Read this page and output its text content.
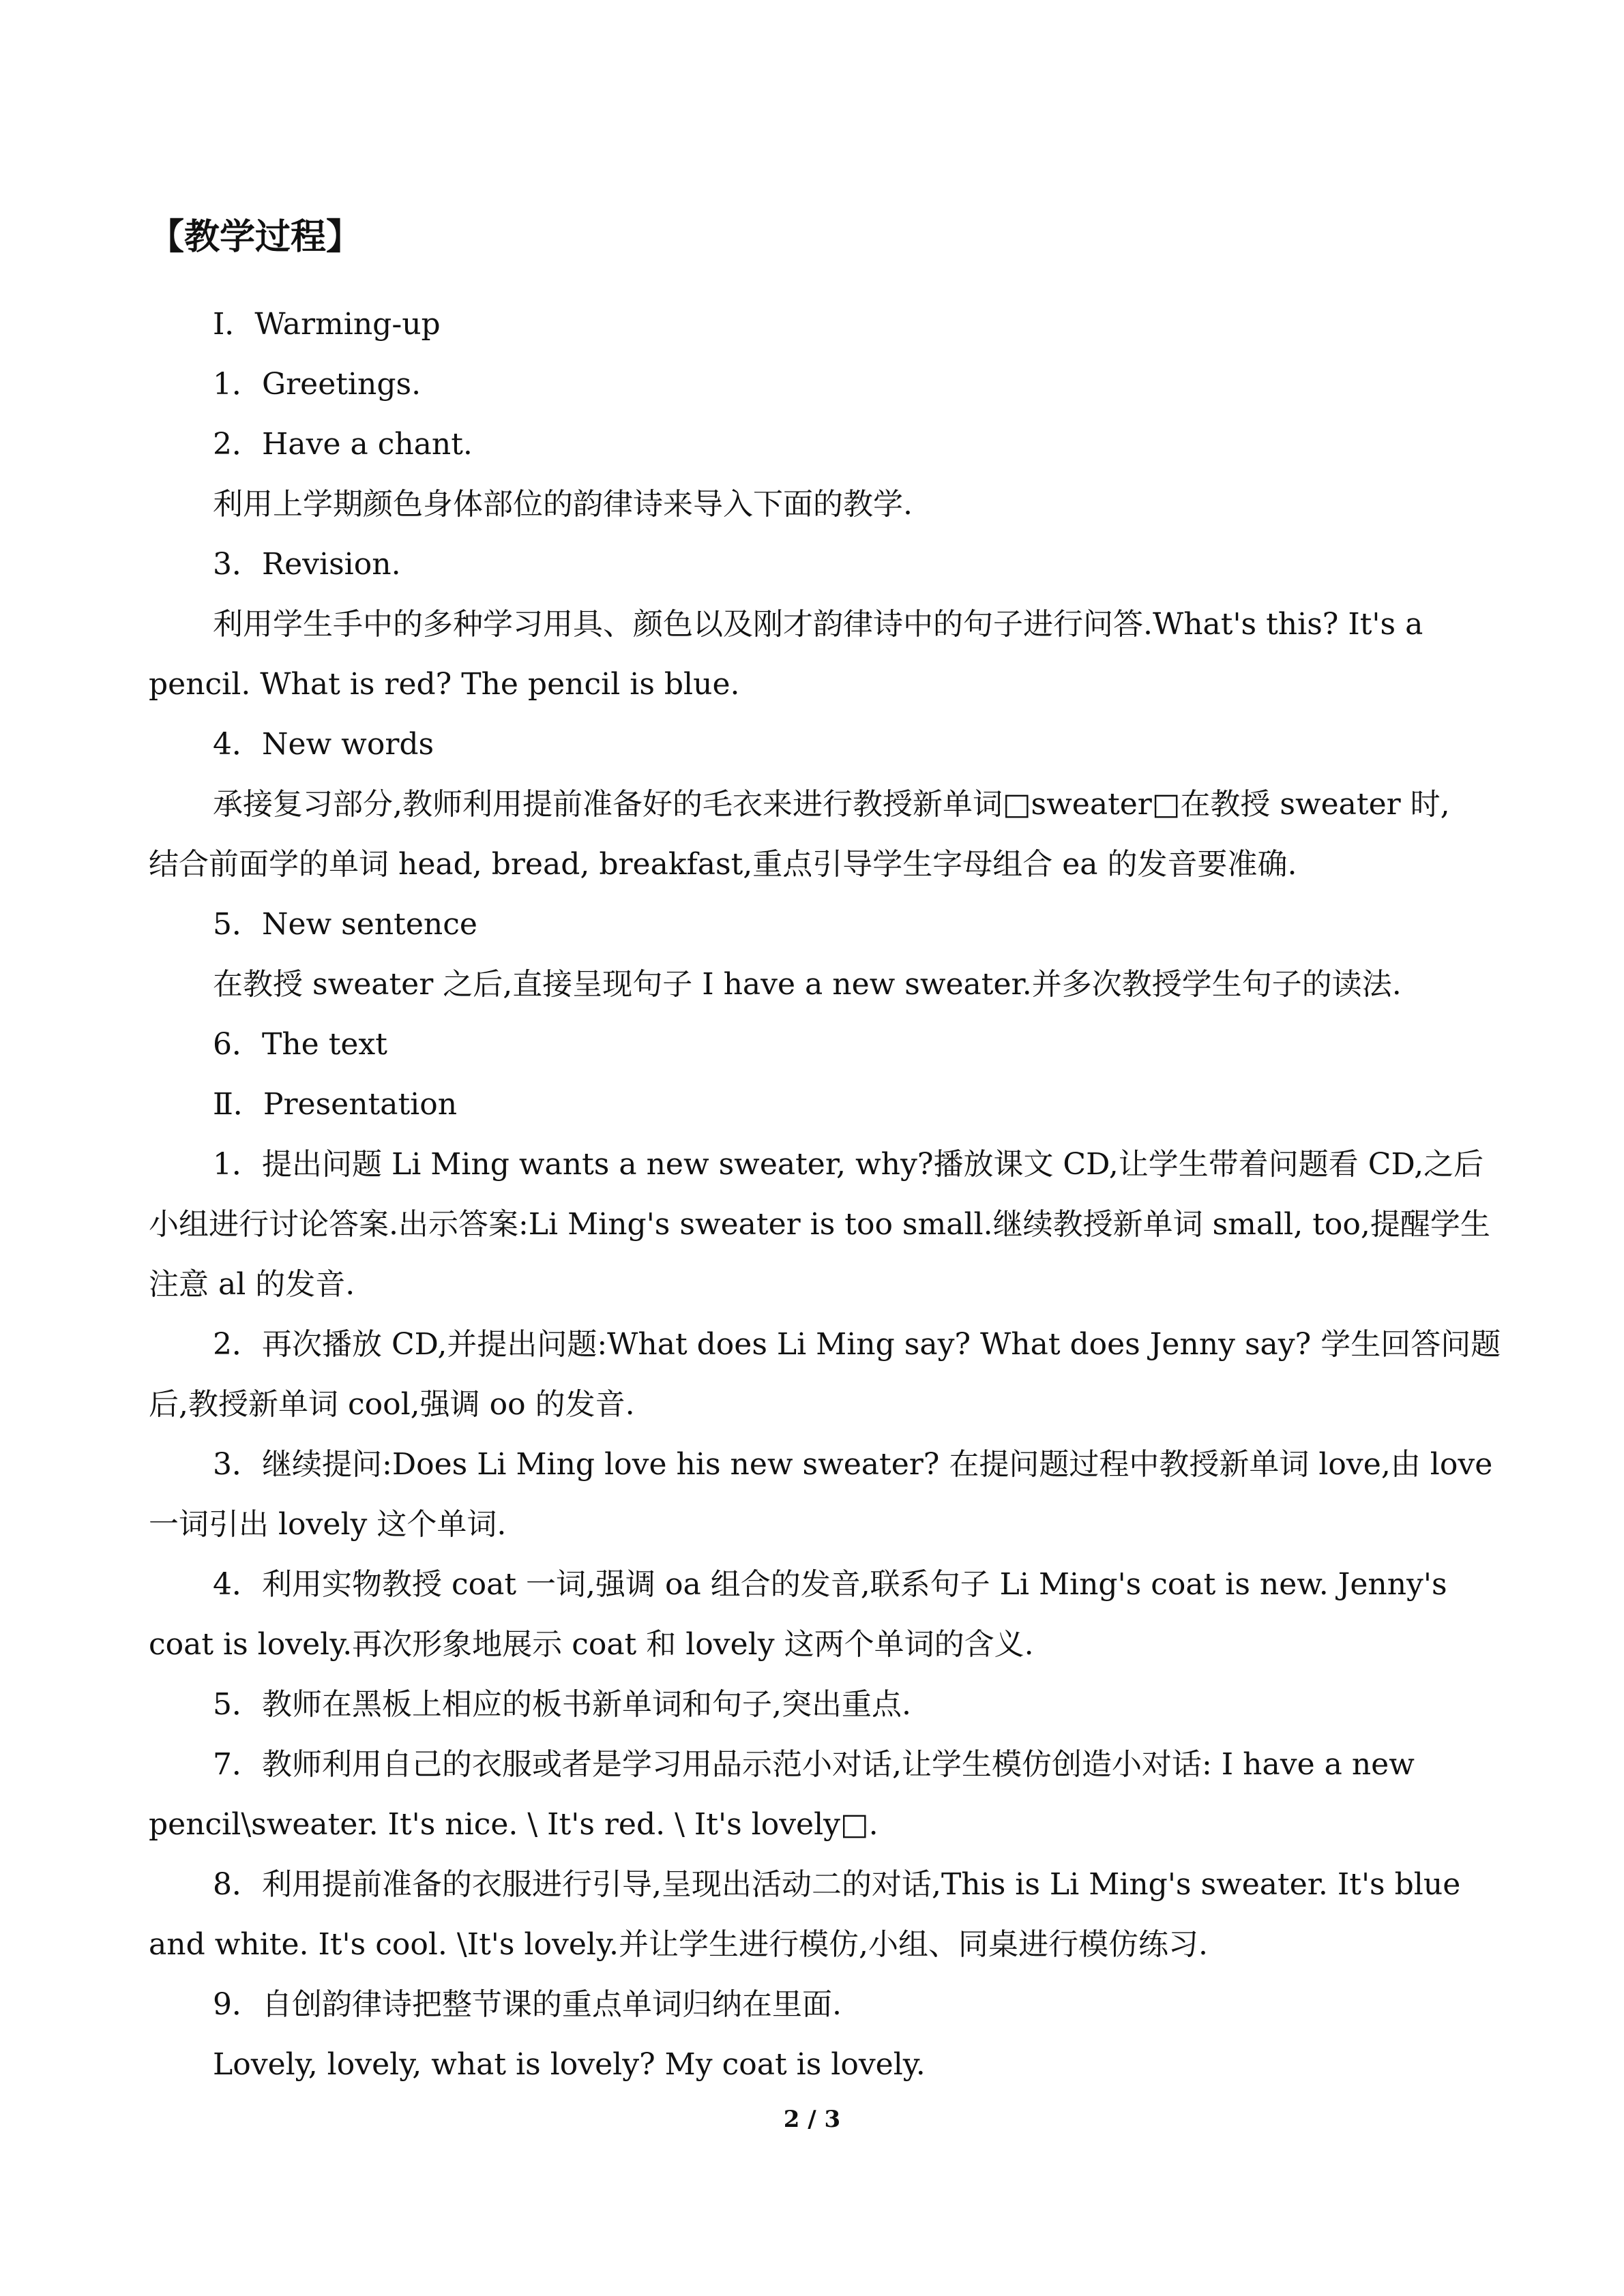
【教学过程】
Ⅰ．Warming-up
1．Greetings.
2．Have a chant.
利用上学期颜色身体部位的韵律诗来导入下面的教学.
3．Revision.
利用学生手中的多种学习用具、颜色以及刚才韵律诗中的句子进行问答.What's this? It's a
pencil. What is red? The pencil is blue.
4．New words
承接复习部分,教师利用提前准备好的毛衣来进行教授新单词□sweater□在教授 sweater 时,
结合前面学的单词 head, bread, breakfast,重点引导学生字母组合 ea 的发音要准确.
5．New sentence
在教授 sweater 之后,直接呈现句子 I have a new sweater.并多次教授学生句子的读法.
6．The text
Ⅱ．Presentation
1．提出问题 Li Ming wants a new sweater, why?播放课文 CD,让学生带着问题看 CD,之后
小组进行讨论答案.出示答案:Li Ming's sweater is too small.继续教授新单词 small, too,提醒学生
注意 al 的发音.
2．再次播放 CD,并提出问题:What does Li Ming say? What does Jenny say? 学生回答问题
后,教授新单词 cool,强调 oo 的发音.
3．继续提问:Does Li Ming love his new sweater? 在提问题过程中教授新单词 love,由 love
一词引出 lovely 这个单词.
4．利用实物教授 coat 一词,强调 oa 组合的发音,联系句子 Li Ming's coat is new. Jenny's
coat is lovely.再次形象地展示 coat 和 lovely 这两个单词的含义.
5．教师在黑板上相应的板书新单词和句子,突出重点.
7．教师利用自己的衣服或者是学习用品示范小对话,让学生模仿创造小对话: I have a new
pencil\sweater. It's nice. \ It's red. \ It's lovely□.
8．利用提前准备的衣服进行引导,呈现出活动二的对话,This is Li Ming's sweater. It's blue
and white. It's cool. \It's lovely.并让学生进行模仿,小组、同桌进行模仿练习.
9．自创韵律诗把整节课的重点单词归纳在里面.
Lovely, lovely, what is lovely? My coat is lovely.
2 / 3
